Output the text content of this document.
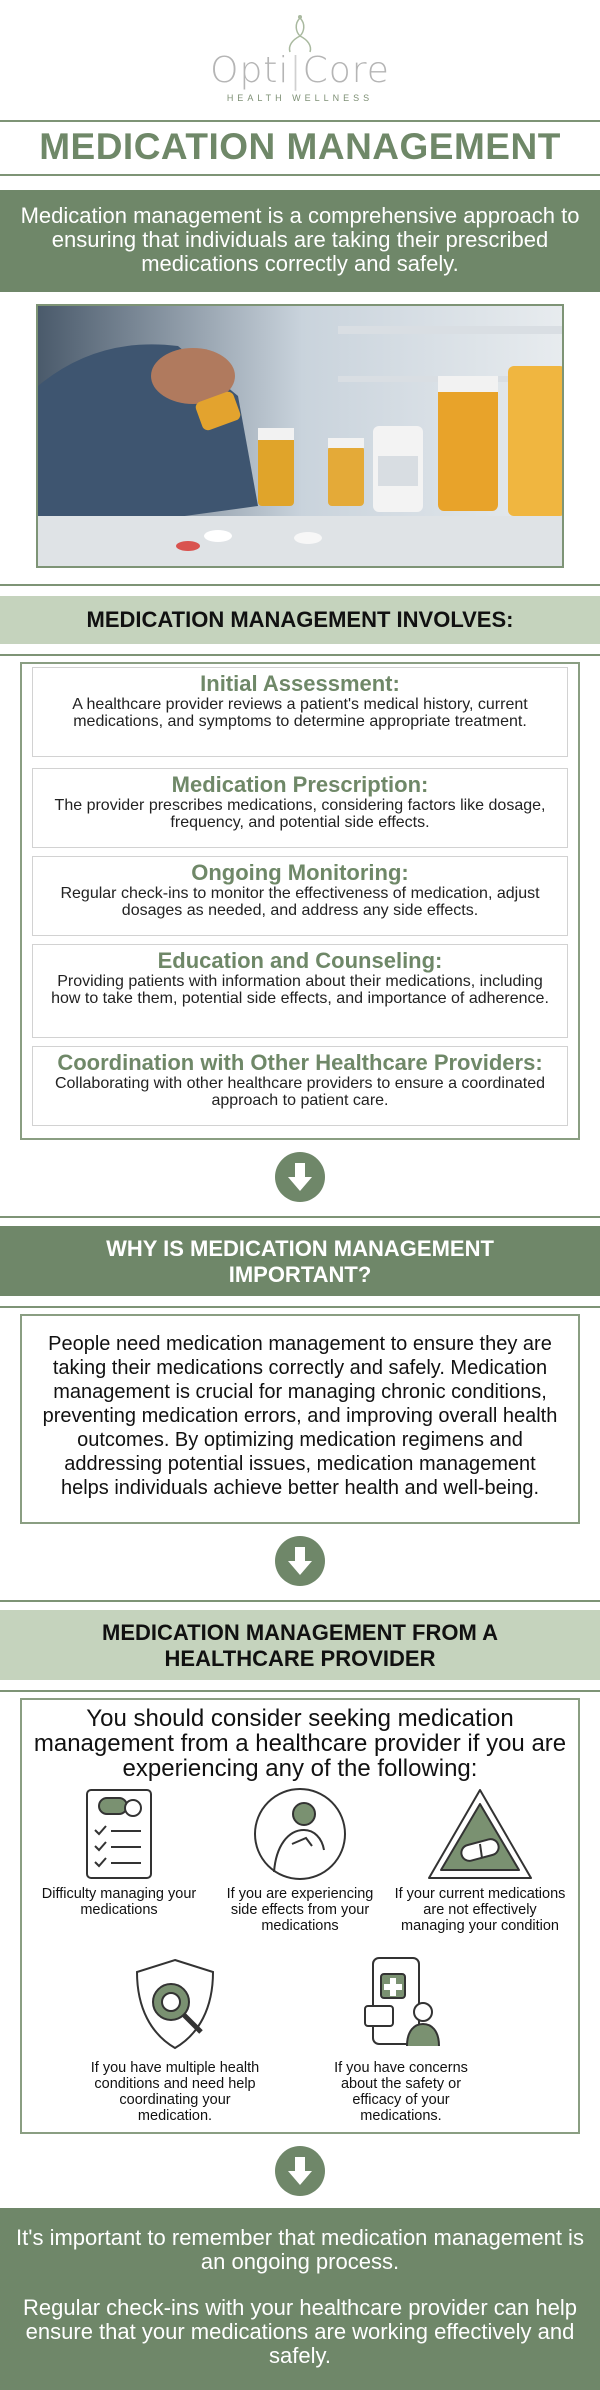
Opti|Core
HEALTH WELLNESS
MEDICATION MANAGEMENT
Medication management is a comprehensive approach to ensuring that individuals are taking their prescribed medications correctly and safely.
MEDICATION MANAGEMENT INVOLVES:
Initial Assessment:

A healthcare provider reviews a patient's medical history, current medications, and symptoms to determine appropriate treatment.

Medication Prescription:

The provider prescribes medications, considering factors like dosage, frequency, and potential side effects.

Ongoing Monitoring:

Regular check-ins to monitor the effectiveness of medication, adjust dosages as needed, and address any side effects.

Education and Counseling:

Providing patients with information about their medications, including how to take them, potential side effects, and importance of adherence.

Coordination with Other Healthcare Providers:

Collaborating with other healthcare providers to ensure a coordinated approach to patient care.

WHY IS MEDICATION MANAGEMENT
IMPORTANT?
People need medication management to ensure they are taking their medications correctly and safely. Medication management is crucial for managing chronic conditions, preventing medication errors, and improving overall health outcomes. By optimizing medication regimens and addressing potential issues, medication management helps individuals achieve better health and well-being.
MEDICATION MANAGEMENT FROM A
HEALTHCARE PROVIDER
You should consider seeking medication management from a healthcare provider if you are experiencing any of the following:
Difficulty managing your medications
If you are experiencing side effects from your medications
If your current medications are not effectively managing your condition
If you have multiple health conditions and need help coordinating your medication.
If you have concerns about the safety or efficacy of your medications.

It's important to remember that medication management is an ongoing process.

Regular check-ins with your healthcare provider can help ensure that your medications are working effectively and safely.
